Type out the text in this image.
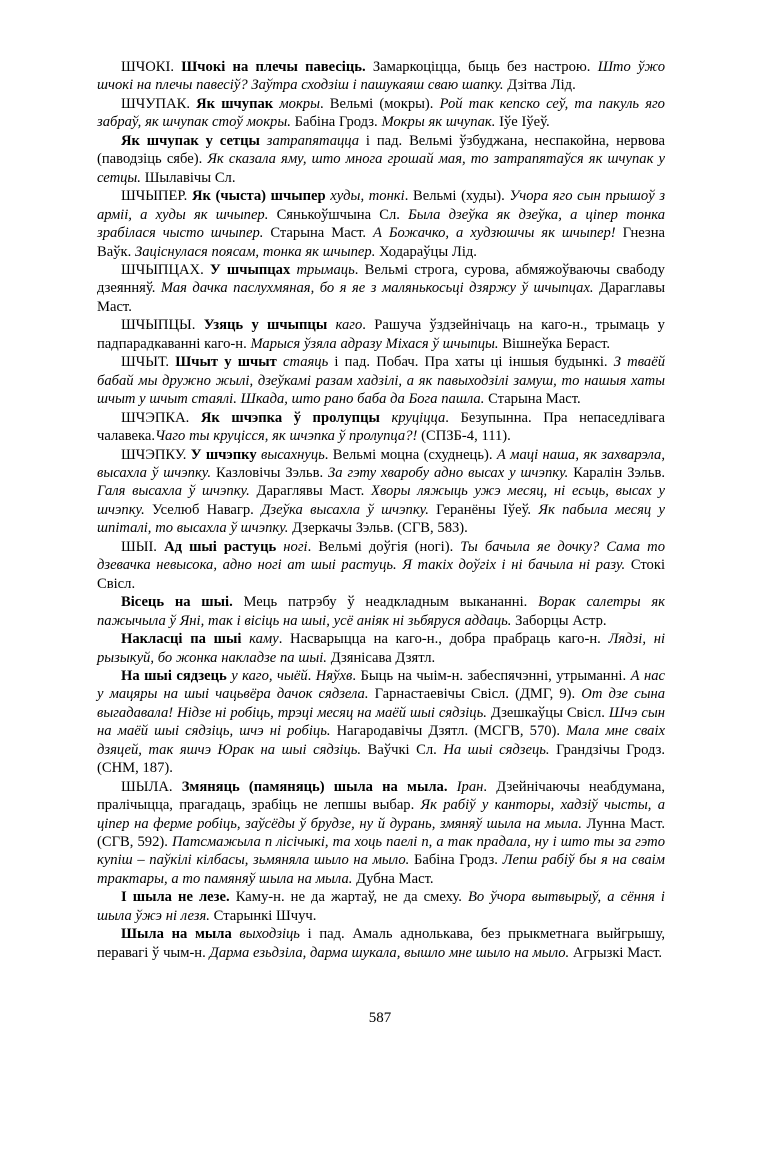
ШЧОКІ. Шчокі на плечы павесіць. Замаркоціцца, быць без настрою. Што ўжо шчокі на плечы павесіў? Заўтра сходзіш і пашукаяш сваю шапку. Дзітва Лід.

ШЧУПАК. Як шчупак мокры. Вельмі (мокры). Рой так кепско сеў, та пакуль яго забраў, як шчупак стоў мокры. Бабіна Гродз. Мокры як шчупак. Іўе Іўеў.

Як шчупак у сетцы затрапятацца і пад. Вельмі ўзбуджана, неспакойна, нервова (паводзіць сябе). Як сказала яму, што многа грошай мая, то затрапятаўся як шчупак у сетцы. Шылавічы Сл.

ШЧЫПЕР. Як (чыста) шчыпер худы, тонкі. Вельмі (худы). Учора яго сын прышоў з арміі, а худы як шчыпер. Сянькоўшчына Сл. Была дзеўка як дзеўка, а ціпер тонка зрабілася чысто шчыпер. Старына Маст. А Божачко, а худзюшчы як шчыпер! Гнезна Ваўк. Заціснулася поясам, тонка як шчыпер. Ходараўцы Лід.

ШЧЫПЦАХ. У шчыпцах трымаць. Вельмі строга, сурова, абмяжоўваючы свабоду дзеянняў. Мая дачка паслухмяная, бо я яе з малянькосьці дзяржу ў шчыпцах. Дараглавы Маст.

ШЧЫПЦЫ. Узяць у шчыпцы каго. Рашуча ўздзейнічаць на каго-н., трымаць у падпарадкаванні каго-н. Марыся ўзяла адразу Міхася ў шчыпцы. Вішнеўка Бераст.

ШЧЫТ. Шчыт у шчыт стаяць і пад. Побач. Пра хаты ці іншыя будынкі. З тваёй бабай мы дружно жылі, дзеўкамі разам хадзілі, а як павыходзілі замуш, то нашыя хаты шчыт у шчыт стаялі. Шкада, што рано баба да Бога пашла. Старына Маст.

ШЧЭПКА. Як шчэпка ў пролупцы круціцца. Безупынна. Пра непаседлівага чалавека.Чаго ты круцісся, як шчэпка ў пролупца?! (СПЗБ-4, 111).

ШЧЭПКУ. У шчэпку высахнуць. Вельмі моцна (схуднець). А маці наша, як захварэла, высахла ў шчэпку. Казловічы Зэльв. За гэту хваробу адно высах у шчэпку. Каралін Зэльв. Галя высахла ў шчэпку. Дараглявы Маст. Хворы ляжыць ужэ месяц, ні есьць, высах у шчэпку. Уселюб Навагр. Дзеўка высахла ў шчэпку. Геранёны Іўеў. Як пабыла месяц у шпіталі, то высахла ў шчэпку. Дзеркачы Зэльв. (СГВ, 583).

ШЫІ. Ад шыі растуць ногі. Вельмі доўгія (ногі). Ты бачыла яе дочку? Сама то дзевачка невысока, адно ногі ат шыі растуць. Я такіх доўгіх і ні бачыла ні разу. Стокі Свісл.

Вісець на шыі. Мець патрэбу ў неадкладным выкананні. Ворак салетры як пажычыла ў Яні, так і вісіць на шыі, усё аніяк ні зьбяруся аддаць. Заборцы Астр.

Накласці па шыі каму. Насварыцца на каго-н., добра прабраць каго-н. Лядзі, ні рызыкуй, бо жонка накладзе па шыі. Дзянісава Дзятл.

На шыі сядзець у каго, чыёй. Няўхв. Быць на чыім-н. забеспячэнні, утрыманні. А нас у мацяры на шыі чацьвёра дачок сядзела. Гарнастаевічы Свісл. (ДМГ, 9). От дзе сына выгадавала! Нідзе ні робіць, трэці месяц на маёй шыі сядзіць. Дзешкаўцы Свісл. Шчэ сын на маёй шыі сядзіць, шчэ ні робіць. Нагародавічы Дзятл. (МСГВ, 570). Мала мне сваіх дзяцей, так яшчэ Юрак на шыі сядзіць. Ваўчкі Сл. На шыі сядзець. Грандзічы Гродз. (СНМ, 187).

ШЫЛА. Змяняць (памяняць) шыла на мыла. Іран. Дзейнічаючы неабдумана, пралічыцца, прагадаць, зрабіць не лепшы выбар. Як рабіў у канторы, хадзіў чысты, а ціпер на ферме робіць, заўсёды ў брудзе, ну й дурань, змяняў шыла на мыла. Лунна Маст. (СГВ, 592). Патсмажыла п лісічыкі, та хоць паелі п, а так прадала, ну і што ты за гэто купіш – паўкілі кілбасы, зьмяняла шыло на мыло. Бабіна Гродз. Лепш рабіў бы я на сваім трактары, а то памяняў шыла на мыла. Дубна Маст.

І шыла не лезе. Каму-н. не да жартаў, не да смеху. Во ўчора вытвырыў, а сёння і шыла ўжэ ні лезя. Старынкі Шчуч.

Шыла на мыла выходзіць і пад. Амаль аднолькава, без прыкметнага выйгрышу, перавагі ў чым-н. Дарма езьдзіла, дарма шукала, вышло мне шыло на мыло. Агрызкі Маст.

587
